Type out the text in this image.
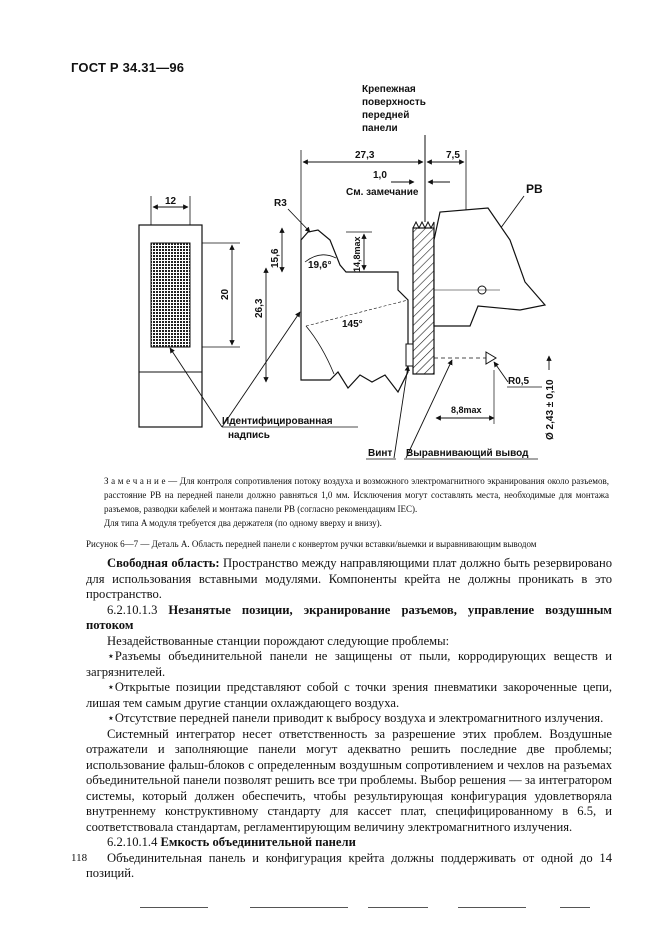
ГОСТ Р 34.31—96
Крепежная
поверхность
передней
панели
27,3	7,5
1,0
См. замечание	PB
12
20
R3
15,6	19,6° 14,8max
26,3
145°
R0,5 Ø 2,43 ± 0,10
8,8max
Идентифицированная
надпись
Винт Выравнивающий вывод

З а м е ч а н и е — Для контроля сопротивления потоку воздуха и возможного электромагнитного экранирования около разъемов, расстояние PB на передней панели должно равняться 1,0 мм. Исключения могут составлять места, необходимые для монтажа разъемов, разводки кабелей и монтажа панели PB (согласно рекомендациям IEC).

Для типа A модуля требуется два держателя (по одному вверху и внизу).

Рисунок 6—7 — Деталь A. Область передней панели с конвертом ручки вставки/выемки и выравнивающим выводом

Свободная область: Пространство между направляющими плат должно быть резервировано для использования вставными модулями. Компоненты крейта не должны проникать в это пространство.

6.2.10.1.3 Незанятые позиции, экранирование разъемов, управление воздушным потоком

Незадействованные станции порождают следующие проблемы:

⋆Разъемы объединительной панели не защищены от пыли, корродирующих веществ и загрязнителей.

⋆Открытые позиции представляют собой с точки зрения пневматики закороченные цепи, лишая тем самым другие станции охлаждающего воздуха.

⋆Отсутствие передней панели приводит к выбросу воздуха и электромагнитного излучения.

Системный интегратор несет ответственность за разрешение этих проблем. Воздушные отражатели и заполняющие панели могут адекватно решить последние две проблемы; использование фальш-блоков с определенным воздушным сопротивлением и чехлов на разъемах объединительной панели позволят решить все три проблемы. Выбор решения — за интегратором системы, который должен обеспечить, чтобы результирующая конфигурация удовлетворяла внутреннему конструктивному стандарту для кассет плат, специфицированному в 6.5, и соответствовала стандартам, регламентирующим величину электромагнитного излучения.

6.2.10.1.4 Емкость объединительной панели

Объединительная панель и конфигурация крейта должны поддерживать от одной до 14 позиций.

118
